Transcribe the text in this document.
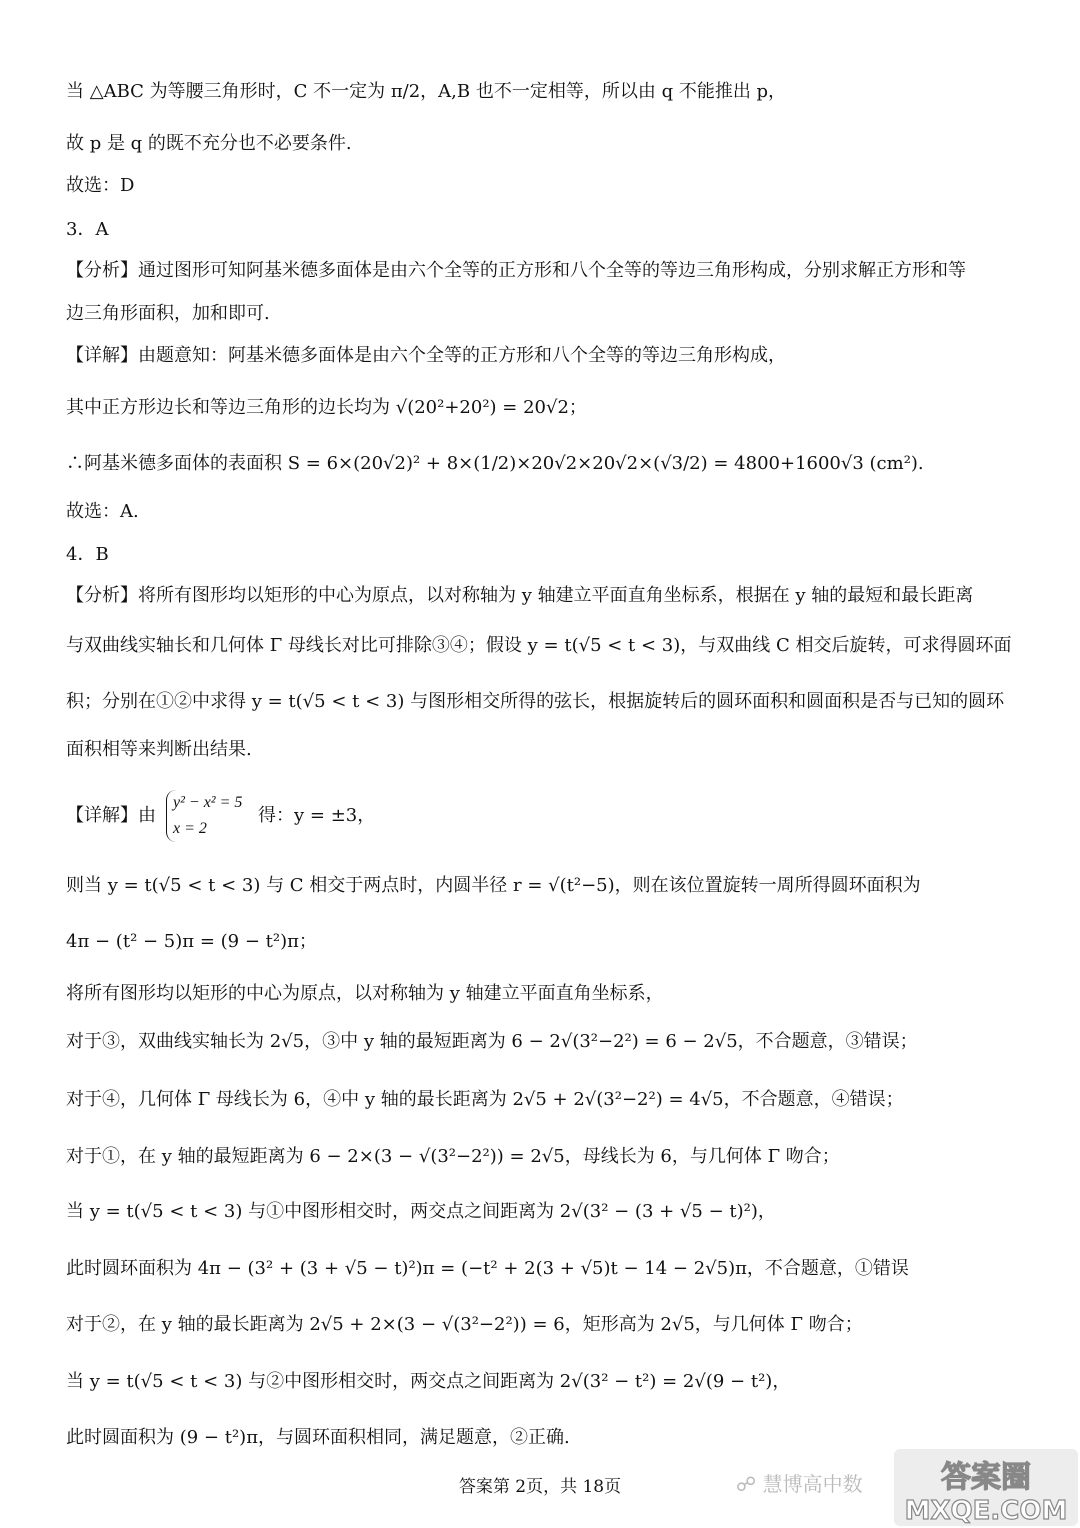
当 △ABC 为等腰三角形时，C 不一定为 π/2，A,B 也不一定相等，所以由 q 不能推出 p，
故 p 是 q 的既不充分也不必要条件.
故选：D
3．A
【分析】通过图形可知阿基米德多面体是由六个全等的正方形和八个全等的等边三角形构成，分别求解正方形和等
边三角形面积，加和即可.
【详解】由题意知：阿基米德多面体是由六个全等的正方形和八个全等的等边三角形构成，
其中正方形边长和等边三角形的边长均为 √(20²+20²) = 20√2；
∴阿基米德多面体的表面积 S = 6×(20√2)² + 8×(1/2)×20√2×20√2×(√3/2) = 4800+1600√3 (cm²).
故选：A.
4．B
【分析】将所有图形均以矩形的中心为原点，以对称轴为 y 轴建立平面直角坐标系，根据在 y 轴的最短和最长距离
与双曲线实轴长和几何体 Γ 母线长对比可排除③④；假设 y = t(√5 < t < 3)，与双曲线 C 相交后旋转，可求得圆环面
积；分别在①②中求得 y = t(√5 < t < 3) 与图形相交所得的弦长，根据旋转后的圆环面积和圆面积是否与已知的圆环
面积相等来判断出结果.
【详解】由	得：y = ±3，
则当 y = t(√5 < t < 3) 与 C 相交于两点时，内圆半径 r = √(t²−5)，则在该位置旋转一周所得圆环面积为
4π − (t² − 5)π = (9 − t²)π；
将所有图形均以矩形的中心为原点，以对称轴为 y 轴建立平面直角坐标系，
对于③，双曲线实轴长为 2√5，③中 y 轴的最短距离为 6 − 2√(3²−2²) = 6 − 2√5，不合题意，③错误；
对于④，几何体 Γ 母线长为 6，④中 y 轴的最长距离为 2√5 + 2√(3²−2²) = 4√5，不合题意，④错误；
对于①，在 y 轴的最短距离为 6 − 2×(3 − √(3²−2²)) = 2√5，母线长为 6，与几何体 Γ 吻合；
当 y = t(√5 < t < 3) 与①中图形相交时，两交点之间距离为 2√(3² − (3 + √5 − t)²)，
此时圆环面积为 4π − (3² + (3 + √5 − t)²)π = (−t² + 2(3 + √5)t − 14 − 2√5)π，不合题意，①错误
对于②，在 y 轴的最长距离为 2√5 + 2×(3 − √(3²−2²)) = 6，矩形高为 2√5，与几何体 Γ 吻合；
当 y = t(√5 < t < 3) 与②中图形相交时，两交点之间距离为 2√(3² − t²) = 2√(9 − t²)，
此时圆面积为 (9 − t²)π，与圆环面积相同，满足题意，②正确.
y² − x² = 5
x = 2
答案第 2页，共 18页	☍ 慧博高中数	答案圈
MXQE.COM
